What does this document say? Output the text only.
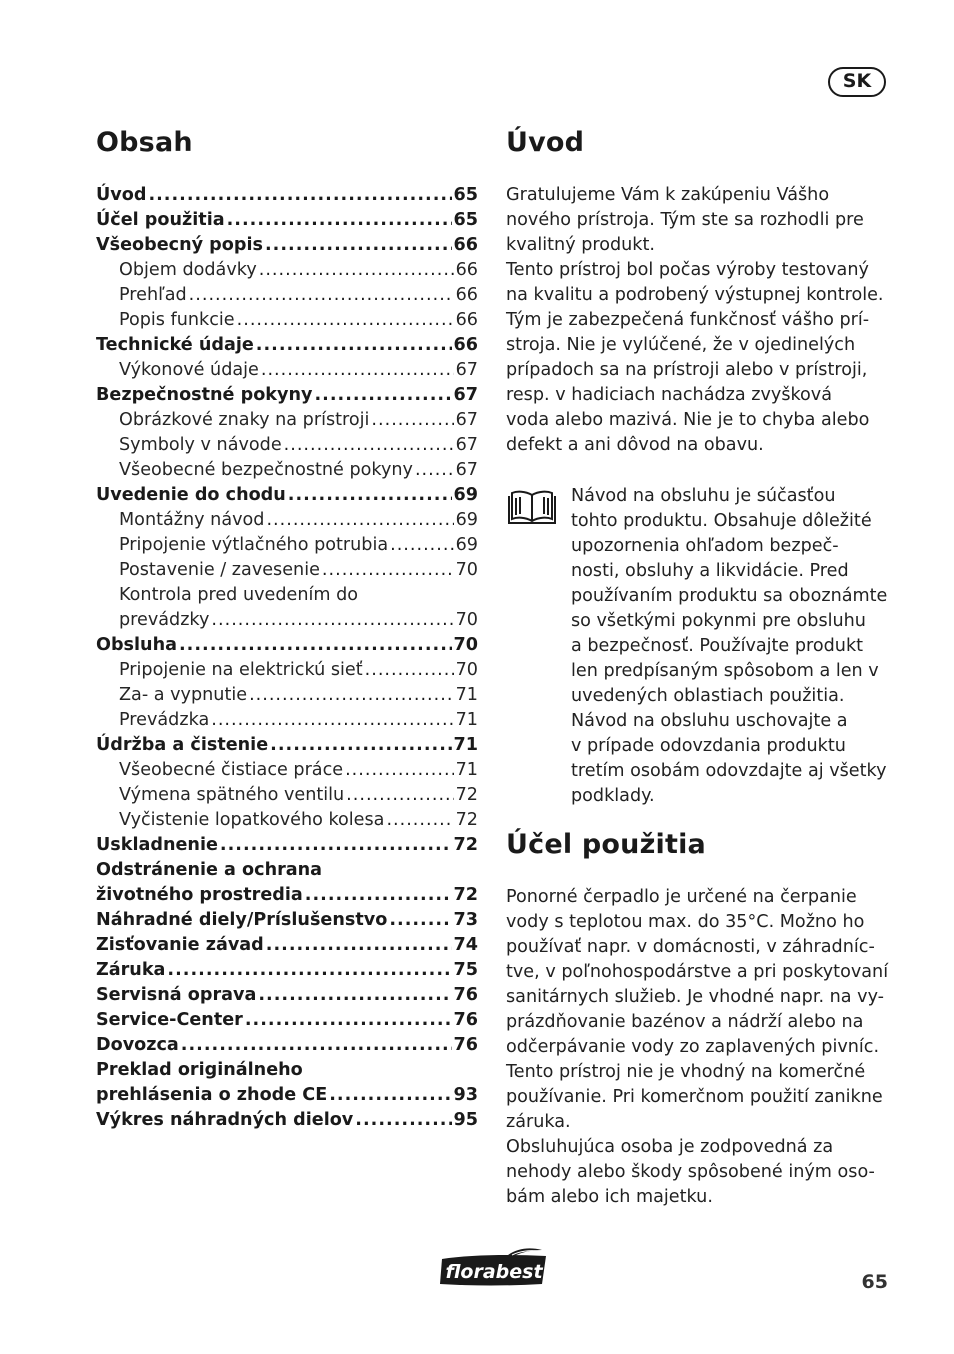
SK
Obsah
Úvod .....	65
Účel použitia .....	65
Všeobecný popis .....	66
Objem dodávky .....	66
Prehľad .....	66
Popis funkcie .....	66
Technické údaje .....	66
Výkonové údaje .....	67
Bezpečnostné pokyny .....	67
Obrázkové znaky na prístroji .....	67
Symboly v návode .....	67
Všeobecné bezpečnostné pokyny ..... 67
Uvedenie do chodu .....	69
Montážny návod .....	69
Pripojenie výtlačného potrubia .....	69
Postavenie / zavesenie .....	70
Kontrola pred uvedením do
prevádzky .....	70
Obsluha .....	70
Pripojenie na elektrickú sieť .....	70
Za- a vypnutie .....	71
Prevádzka .....	71
Údržba a čistenie .....	71
Všeobecné čistiace práce .....	71
Výmena spätného ventilu .....	72
Vyčistenie lopatkového kolesa .....	72
Uskladnenie .....	72
Odstránenie a ochrana
životného prostredia .....	72
Náhradné diely/Príslušenstvo .....	73
Zisťovanie závad .....	74
Záruka .....	75
Servisná oprava .....	76
Service-Center .....	76
Dovozca .....	76
Preklad originálneho
prehlásenia o zhode CE .....	93
Výkres náhradných dielov .....	95
Úvod
Gratulujeme Vám k zakúpeniu Vášho
nového prístroja. Tým ste sa rozhodli pre
kvalitný produkt.
Tento prístroj bol počas výroby testovaný
na kvalitu a podrobený výstupnej kontrole.
Tým je zabezpečená funkčnosť vášho prí-
stroja. Nie je vylúčené, že v ojedinelých
prípadoch sa na prístroji alebo v prístroji,
resp. v hadiciach nachádza zvyšková
voda alebo mazivá. Nie je to chyba alebo
defekt a ani dôvod na obavu.
Návod na obsluhu je súčasťou
tohto produktu. Obsahuje dôležité
upozornenia ohľadom bezpeč-
nosti, obsluhy a likvidácie. Pred
používaním produktu sa oboznámte
so všetkými pokynmi pre obsluhu
a bezpečnosť. Používajte produkt
len predpísaným spôsobom a len v
uvedených oblastiach použitia.
Návod na obsluhu uschovajte a
v prípade odovzdania produktu
tretím osobám odovzdajte aj všetky
podklady.
Účel použitia
Ponorné čerpadlo je určené na čerpanie
vody s teplotou max. do 35°C. Možno ho
používať napr. v domácnosti, v záhradníc-
tve, v poľnohospodárstve a pri poskytovaní
sanitárnych služieb. Je vhodné napr. na vy-
prázdňovanie bazénov a nádrží alebo na
odčerpávanie vody zo zaplavených pivníc.
Tento prístroj nie je vhodný na komerčné
používanie. Pri komerčnom použití zanikne
záruka.
Obsluhujúca osoba je zodpovedná za
nehody alebo škody spôsobené iným oso-
bám alebo ich majetku.
florabest	65
